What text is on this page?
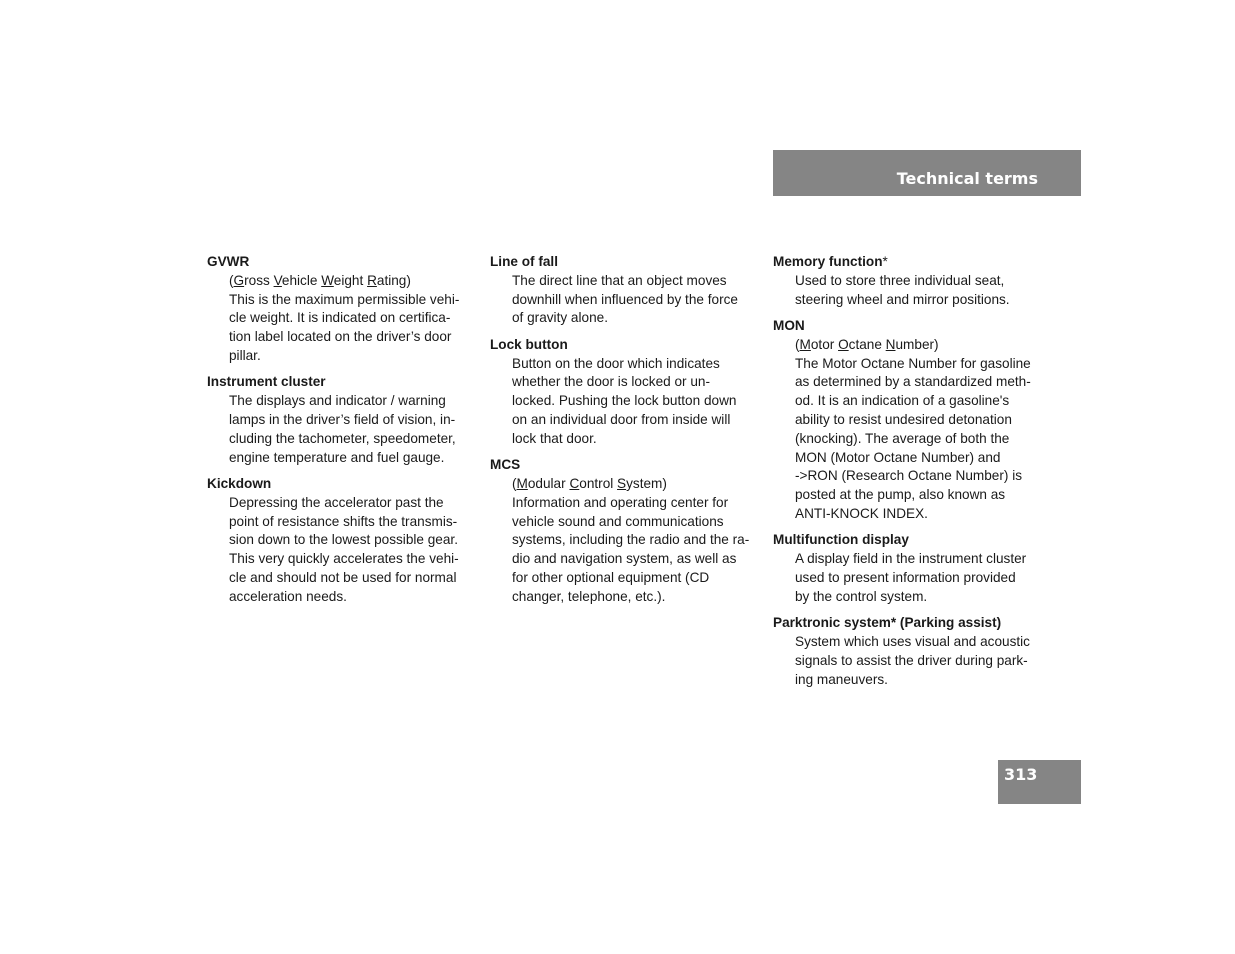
Technical terms
GVWR
(Gross Vehicle Weight Rating)
This is the maximum permissible vehi-
cle weight. It is indicated on certifica-
tion label located on the driver’s door
pillar.
Instrument cluster
The displays and indicator / warning
lamps in the driver’s field of vision, in-
cluding the tachometer, speedometer,
engine temperature and fuel gauge.
Kickdown
Depressing the accelerator past the
point of resistance shifts the transmis-
sion down to the lowest possible gear.
This very quickly accelerates the vehi-
cle and should not be used for normal
acceleration needs.
Line of fall
The direct line that an object moves
downhill when influenced by the force
of gravity alone.
Lock button
Button on the door which indicates
whether the door is locked or un-
locked. Pushing the lock button down
on an individual door from inside will
lock that door.
MCS
(Modular Control System)
Information and operating center for
vehicle sound and communications
systems, including the radio and the ra-
dio and navigation system, as well as
for other optional equipment (CD
changer, telephone, etc.).
Memory function*
Used to store three individual seat,
steering wheel and mirror positions.
MON
(Motor Octane Number)
The Motor Octane Number for gasoline
as determined by a standardized meth-
od. It is an indication of a gasoline's
ability to resist undesired detonation
(knocking). The average of both the
MON (Motor Octane Number) and
->RON (Research Octane Number) is
posted at the pump, also known as
ANTI-KNOCK INDEX.
Multifunction display
A display field in the instrument cluster
used to present information provided
by the control system.
Parktronic system* (Parking assist)
System which uses visual and acoustic
signals to assist the driver during park-
ing maneuvers.
313
